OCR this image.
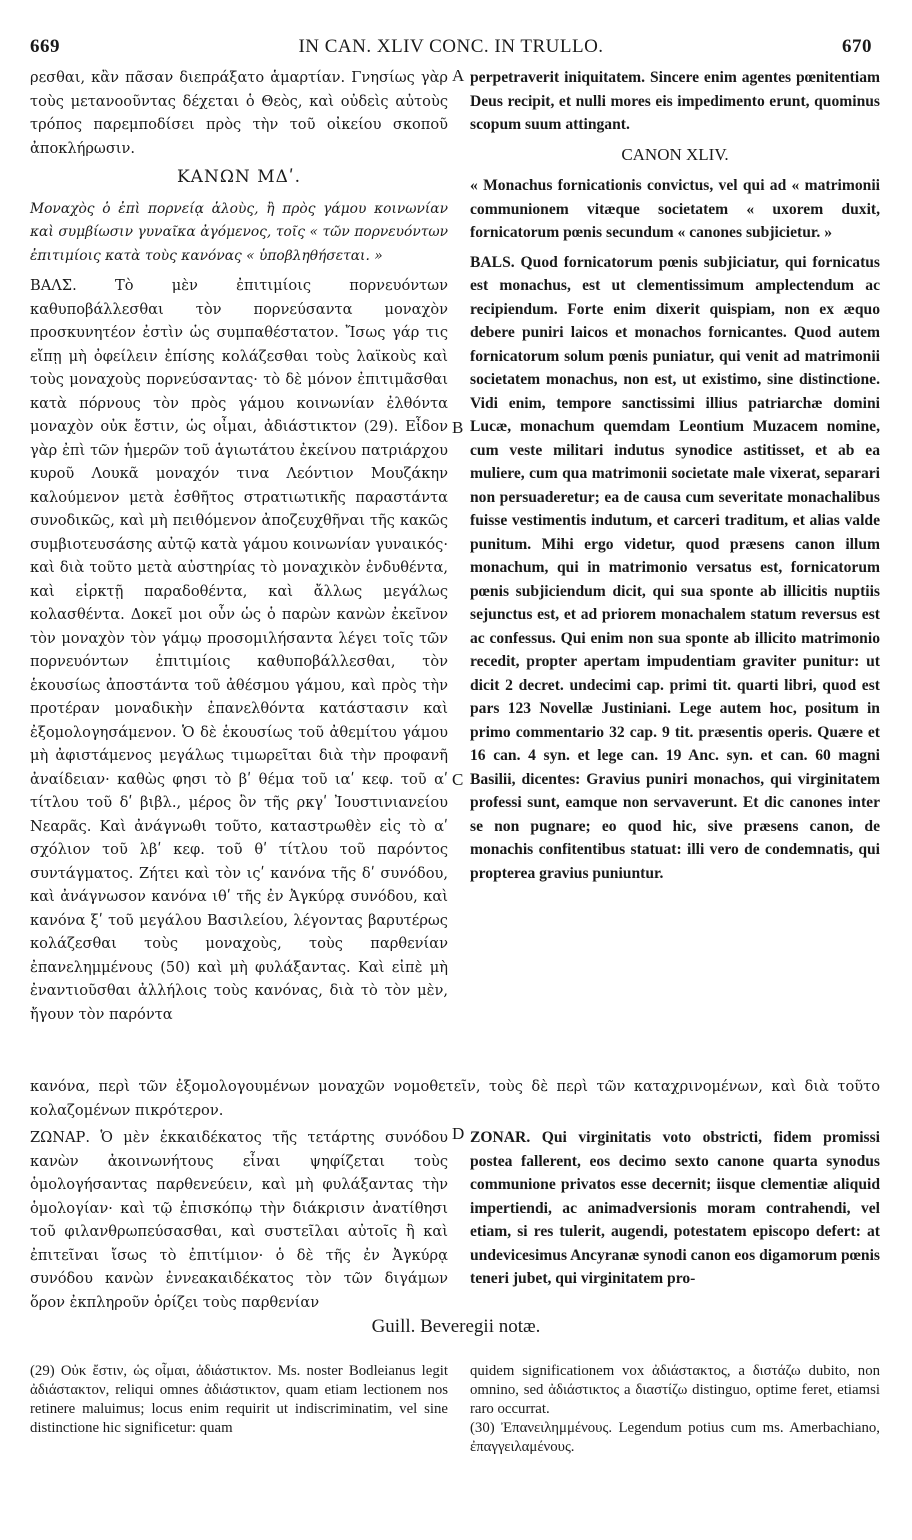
669	IN CAN. XLIV CONC. IN TRULLO.	670

ρεσθαι, κἂν πᾶσαν διεπράξατο ἁμαρτίαν. Γνησίως γὰρ τοὺς μετανοοῦντας δέχεται ὁ Θεὸς, καὶ οὐδεὶς αὐτοὺς τρόπος παρεμποδίσει πρὸς τὴν τοῦ οἰκείου σκοποῦ ἀποκλήρωσιν.

ΚΑΝΩΝ ΜΔʹ.

Μοναχὸς ὁ ἐπὶ πορνείᾳ ἁλοὺς, ἢ πρὸς γάμου κοινωνίαν καὶ συμβίωσιν γυναῖκα ἀγόμενος, τοῖς « τῶν πορνευόντων ἐπιτιμίοις κατὰ τοὺς κανόνας « ὑποβληθήσεται. »

ΒΑΛΣ. Τὸ μὲν ἐπιτιμίοις πορνευόντων καθυποβάλλεσθαι τὸν πορνεύσαντα μοναχὸν προσκυνητέον ἐστὶν ὡς συμπαθέστατον. Ἴσως γάρ τις εἴπῃ μὴ ὀφείλειν ἐπίσης κολάζεσθαι τοὺς λαϊκοὺς καὶ τοὺς μοναχοὺς πορνεύσαντας· τὸ δὲ μόνον ἐπιτιμᾶσθαι κατὰ πόρνους τὸν πρὸς γάμου κοινωνίαν ἐλθόντα μοναχὸν οὐκ ἔστιν, ὡς οἶμαι, ἀδιάστικτον (29). Εἶδον γὰρ ἐπὶ τῶν ἡμερῶν τοῦ ἁγιωτάτου ἐκείνου πατριάρχου κυροῦ Λουκᾶ μοναχόν τινα Λεόντιον Μουζάκην καλούμενον μετὰ ἐσθῆτος στρατιωτικῆς παραστάντα συνοδικῶς, καὶ μὴ πειθόμενον ἀποζευχθῆναι τῆς κακῶς συμβιοτευσάσης αὐτῷ κατὰ γάμου κοινωνίαν γυναικός· καὶ διὰ τοῦτο μετὰ αὐστηρίας τὸ μοναχικὸν ἐνδυθέντα, καὶ εἱρκτῇ παραδοθέντα, καὶ ἄλλως μεγάλως κολασθέντα. Δοκεῖ μοι οὖν ὡς ὁ παρὼν κανὼν ἐκεῖνον τὸν μοναχὸν τὸν γάμῳ προσομιλήσαντα λέγει τοῖς τῶν πορνευόντων ἐπιτιμίοις καθυποβάλλεσθαι, τὸν ἑκουσίως ἀποστάντα τοῦ ἀθέσμου γάμου, καὶ πρὸς τὴν προτέραν μοναδικὴν ἐπανελθόντα κατάστασιν καὶ ἐξομολογησάμενον. Ὁ δὲ ἑκουσίως τοῦ ἀθεμίτου γάμου μὴ ἀφιστάμενος μεγάλως τιμωρεῖται διὰ τὴν προφανῆ ἀναίδειαν· καθὼς φησι τὸ βʹ θέμα τοῦ ιαʹ κεφ. τοῦ αʹ τίτλου τοῦ δʹ βιβλ., μέρος ὂν τῆς ρκγʹ Ἰουστινιανείου Νεαρᾶς. Καὶ ἀνάγνωθι τοῦτο, καταστρωθὲν εἰς τὸ αʹ σχόλιον τοῦ λβʹ κεφ. τοῦ θʹ τίτλου τοῦ παρόντος συντάγματος. Ζήτει καὶ τὸν ιςʹ κανόνα τῆς δʹ συνόδου, καὶ ἀνάγνωσον κανόνα ιθʹ τῆς ἐν Ἀγκύρᾳ συνόδου, καὶ κανόνα ξʹ τοῦ μεγάλου Βασιλείου, λέγοντας βαρυτέρως κολάζεσθαι τοὺς μοναχοὺς, τοὺς παρθενίαν ἐπανελημμένους (50) καὶ μὴ φυλάξαντας. Καὶ εἰπὲ μὴ ἐναντιοῦσθαι ἀλλήλοις τοὺς κανόνας, διὰ τὸ τὸν μὲν, ἤγουν τὸν παρόντα

perpetraverit iniquitatem. Sincere enim agentes pœnitentiam Deus recipit, et nulli mores eis impedimento erunt, quominus scopum suum attingant.

CANON XLIV.

« Monachus fornicationis convictus, vel qui ad « matrimonii communionem vitæque societatem « uxorem duxit, fornicatorum pœnis secundum « canones subjicietur. »

BALS. Quod fornicatorum pœnis subjiciatur, qui fornicatus est monachus, est ut clementissimum amplectendum ac recipiendum. Forte enim dixerit quispiam, non ex æquo debere puniri laicos et monachos fornicantes. Quod autem fornicatorum solum pœnis puniatur, qui venit ad matrimonii societatem monachus, non est, ut existimo, sine distinctione. Vidi enim, tempore sanctissimi illius patriarchæ domini Lucæ, monachum quemdam Leontium Muzacem nomine, cum veste militari indutus synodice astitisset, et ab ea muliere, cum qua matrimonii societate male vixerat, separari non persuaderetur; ea de causa cum severitate monachalibus fuisse vestimentis indutum, et carceri traditum, et alias valde punitum. Mihi ergo videtur, quod præsens canon illum monachum, qui in matrimonio versatus est, fornicatorum pœnis subjiciendum dicit, qui sua sponte ab illicitis nuptiis sejunctus est, et ad priorem monachalem statum reversus est ac confessus. Qui enim non sua sponte ab illicito matrimonio recedit, propter apertam impudentiam graviter punitur: ut dicit 2 decret. undecimi cap. primi tit. quarti libri, quod est pars 123 Novellæ Justiniani. Lege autem hoc, positum in primo commentario 32 cap. 9 tit. præsentis operis. Quære et 16 can. 4 syn. et lege can. 19 Anc. syn. et can. 60 magni Basilii, dicentes: Gravius puniri monachos, qui virginitatem professi sunt, eamque non servaverunt. Et dic canones inter se non pugnare; eo quod hic, sive præsens canon, de monachis confitentibus statuat: illi vero de condemnatis, qui propterea gravius puniuntur.

κανόνα, περὶ τῶν ἐξομολογουμένων μοναχῶν νομοθετεῖν, τοὺς δὲ περὶ τῶν καταχρινομένων, καὶ διὰ τοῦτο κολαζομένων πικρότερον.

ΖΩΝΑΡ. Ὁ μὲν ἑκκαιδέκατος τῆς τετάρτης συνόδου κανὼν ἀκοινωνήτους εἶναι ψηφίζεται τοὺς ὁμολογήσαντας παρθενεύειν, καὶ μὴ φυλάξαντας τὴν ὁμολογίαν· καὶ τῷ ἐπισκόπῳ τὴν διάκρισιν ἀνατίθησι τοῦ φιλανθρωπεύσασθαι, καὶ συστεῖλαι αὐτοῖς ἢ καὶ ἐπιτεῖναι ἴσως τὸ ἐπιτίμιον· ὁ δὲ τῆς ἐν Ἀγκύρᾳ συνόδου κανὼν ἐννεακαιδέκατος τὸν τῶν διγάμων ὅρον ἐκπληροῦν ὁρίζει τοὺς παρθενίαν

ZONAR. Qui virginitatis voto obstricti, fidem promissi postea fallerent, eos decimo sexto canone quarta synodus communione privatos esse decernit; iisque clementiæ aliquid impertiendi, ac animadversionis moram contrahendi, vel etiam, si res tulerit, augendi, potestatem episcopo defert: at undevicesimus Ancyranæ synodi canon eos digamorum pœnis teneri jubet, qui virginitatem pro-

A
B
C
D
Guill. Beveregii notæ.

(29) Οὐκ ἔστιν, ὡς οἶμαι, ἀδιάστικτον. Ms. noster Bodleianus legit ἀδιάστακτον, reliqui omnes ἀδιάστικτον, quam etiam lectionem nos retinere maluimus; locus enim requirit ut indiscriminatim, vel sine distinctione hic significetur: quam

quidem significationem vox ἀδιάστακτος, a διστάζω dubito, non omnino, sed ἀδιάστικτος a διαστίζω distinguo, optime feret, etiamsi raro occurrat.

(30) Ἐπανειλημμένους. Legendum potius cum ms. Amerbachiano, ἐπαγγειλαμένους.
